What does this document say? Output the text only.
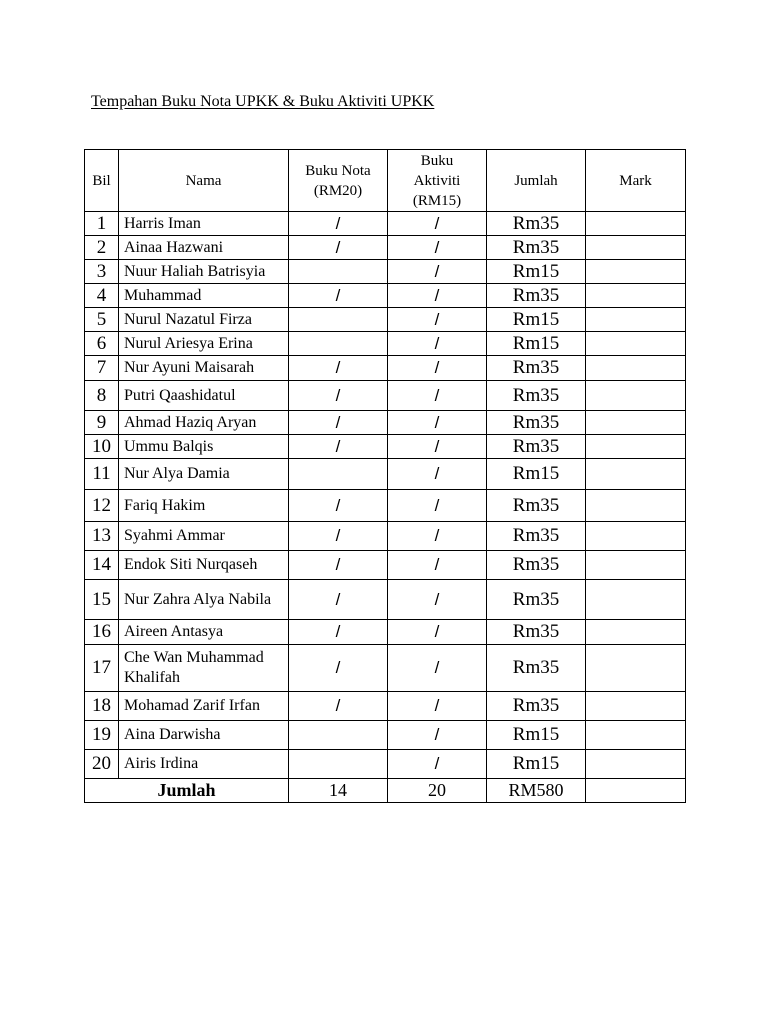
Tempahan Buku Nota UPKK & Buku Aktiviti UPKK
Bil	Nama	Buku Nota (RM20)	Buku Aktiviti (RM15)	Jumlah	Mark
1	Harris Iman	/	/	Rm35	
2	Ainaa Hazwani	/	/	Rm35	
3	Nuur Haliah Batrisyia		/	Rm15	
4	Muhammad	/	/	Rm35	
5	Nurul Nazatul Firza		/	Rm15	
6	Nurul Ariesya Erina		/	Rm15	
7	Nur Ayuni Maisarah	/	/	Rm35	
8	Putri Qaashidatul	/	/	Rm35	
9	Ahmad Haziq Aryan	/	/	Rm35	
10	Ummu Balqis	/	/	Rm35	
11	Nur Alya Damia		/	Rm15	
12	Fariq Hakim	/	/	Rm35	
13	Syahmi Ammar	/	/	Rm35	
14	Endok Siti Nurqaseh	/	/	Rm35	
15	Nur Zahra Alya Nabila	/	/	Rm35	
16	Aireen Antasya	/	/	Rm35	
17	Che Wan Muhammad Khalifah	/	/	Rm35	
18	Mohamad Zarif Irfan	/	/	Rm35	
19	Aina Darwisha		/	Rm15	
20	Airis Irdina		/	Rm15	
Jumlah		14	20	RM580	
